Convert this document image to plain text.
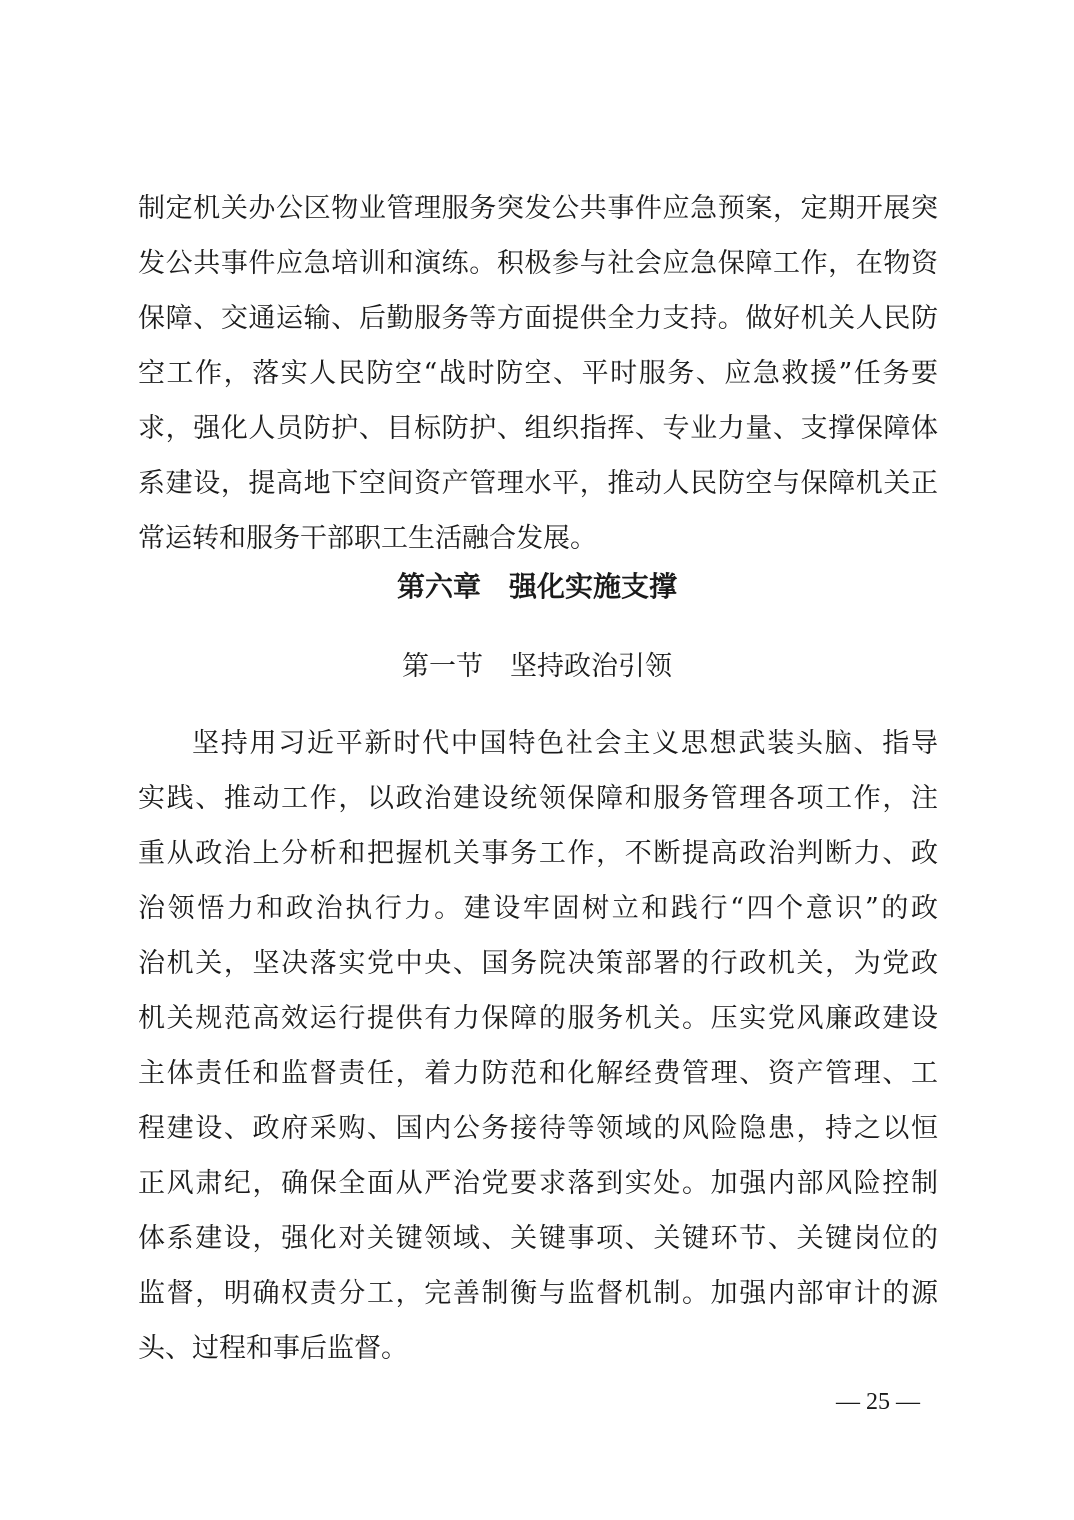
制定机关办公区物业管理服务突发公共事件应急预案，定期开展突
发公共事件应急培训和演练。积极参与社会应急保障工作，在物资
保障、交通运输、后勤服务等方面提供全力支持。做好机关人民防
空工作，落实人民防空“战时防空、平时服务、应急救援”任务要
求，强化人员防护、目标防护、组织指挥、专业力量、支撑保障体
系建设，提高地下空间资产管理水平，推动人民防空与保障机关正
常运转和服务干部职工生活融合发展。
第六章　强化实施支撑
第一节　坚持政治引领
坚持用习近平新时代中国特色社会主义思想武装头脑、指导
实践、推动工作，以政治建设统领保障和服务管理各项工作，注
重从政治上分析和把握机关事务工作，不断提高政治判断力、政
治领悟力和政治执行力。建设牢固树立和践行“四个意识”的政
治机关，坚决落实党中央、国务院决策部署的行政机关，为党政
机关规范高效运行提供有力保障的服务机关。压实党风廉政建设
主体责任和监督责任，着力防范和化解经费管理、资产管理、工
程建设、政府采购、国内公务接待等领域的风险隐患，持之以恒
正风肃纪，确保全面从严治党要求落到实处。加强内部风险控制
体系建设，强化对关键领域、关键事项、关键环节、关键岗位的
监督，明确权责分工，完善制衡与监督机制。加强内部审计的源
头、过程和事后监督。
— 25 —
